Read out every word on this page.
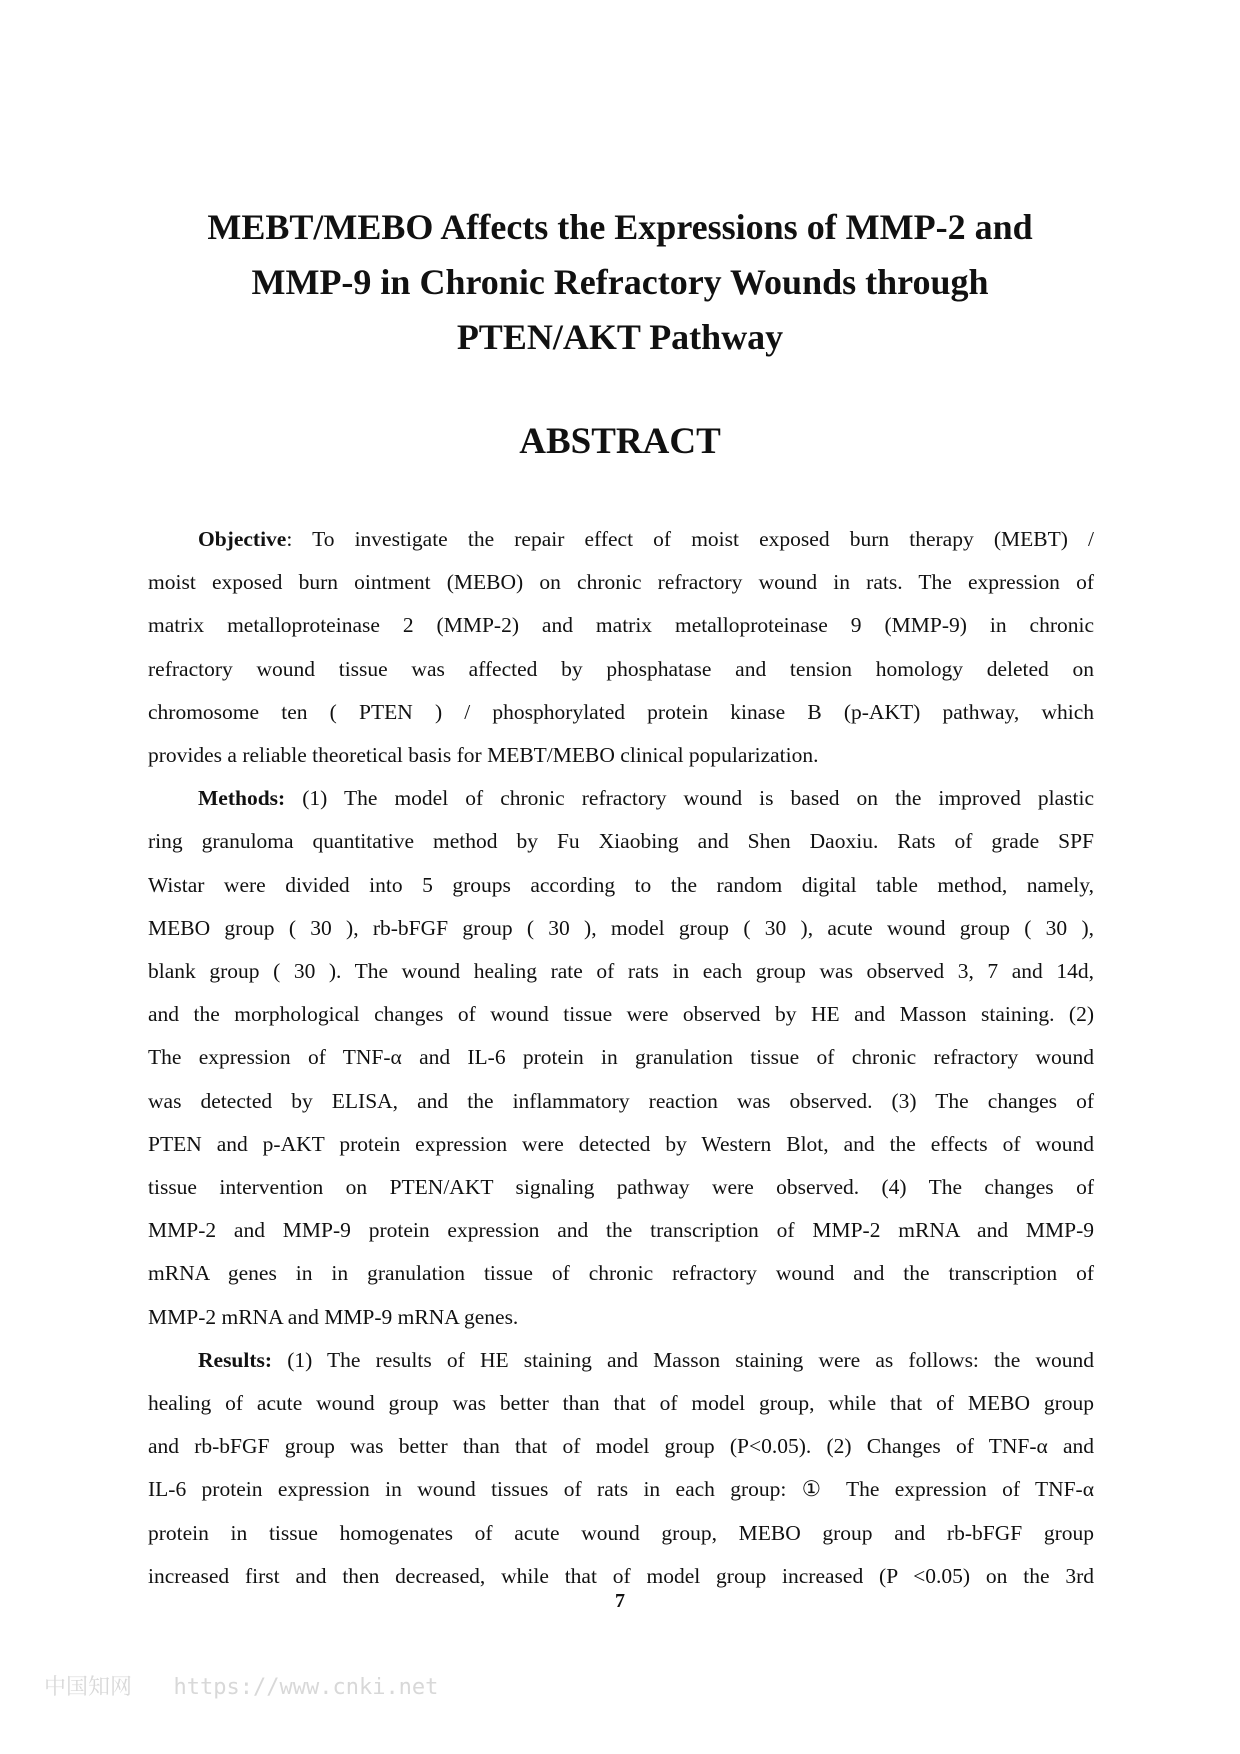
MEBT/MEBO Affects the Expressions of MMP-2 and
MMP-9 in Chronic Refractory Wounds through
PTEN/AKT Pathway
ABSTRACT
Objective: To investigate the repair effect of moist exposed burn therapy (MEBT) /
moist exposed burn ointment (MEBO) on chronic refractory wound in rats. The expression of
matrix metalloproteinase 2 (MMP-2) and matrix metalloproteinase 9 (MMP-9) in chronic
refractory wound tissue was affected by phosphatase and tension homology deleted on
chromosome ten ( PTEN ) / phosphorylated protein kinase B (p-AKT) pathway, which
provides a reliable theoretical basis for MEBT/MEBO clinical popularization.
Methods: (1) The model of chronic refractory wound is based on the improved plastic
ring granuloma quantitative method by Fu Xiaobing and Shen Daoxiu. Rats of grade SPF
Wistar were divided into 5 groups according to the random digital table method, namely,
MEBO group ( 30 ), rb-bFGF group ( 30 ), model group ( 30 ), acute wound group ( 30 ),
blank group ( 30 ). The wound healing rate of rats in each group was observed 3, 7 and 14d,
and the morphological changes of wound tissue were observed by HE and Masson staining. (2)
The expression of TNF-α and IL-6 protein in granulation tissue of chronic refractory wound
was detected by ELISA, and the inflammatory reaction was observed. (3) The changes of
PTEN and p-AKT protein expression were detected by Western Blot, and the effects of wound
tissue intervention on PTEN/AKT signaling pathway were observed. (4) The changes of
MMP-2 and MMP-9 protein expression and the transcription of MMP-2 mRNA and MMP-9
mRNA genes in in granulation tissue of chronic refractory wound and the transcription of
MMP-2 mRNA and MMP-9 mRNA genes.
Results: (1) The results of HE staining and Masson staining were as follows: the wound
healing of acute wound group was better than that of model group, while that of MEBO group
and rb-bFGF group was better than that of model group (P<0.05). (2) Changes of TNF-α and
IL-6 protein expression in wound tissues of rats in each group: ① The expression of TNF-α
protein in tissue homogenates of acute wound group, MEBO group and rb-bFGF group
increased first and then decreased, while that of model group increased (P <0.05) on the 3rd
7
中国知网 https://www.cnki.net
